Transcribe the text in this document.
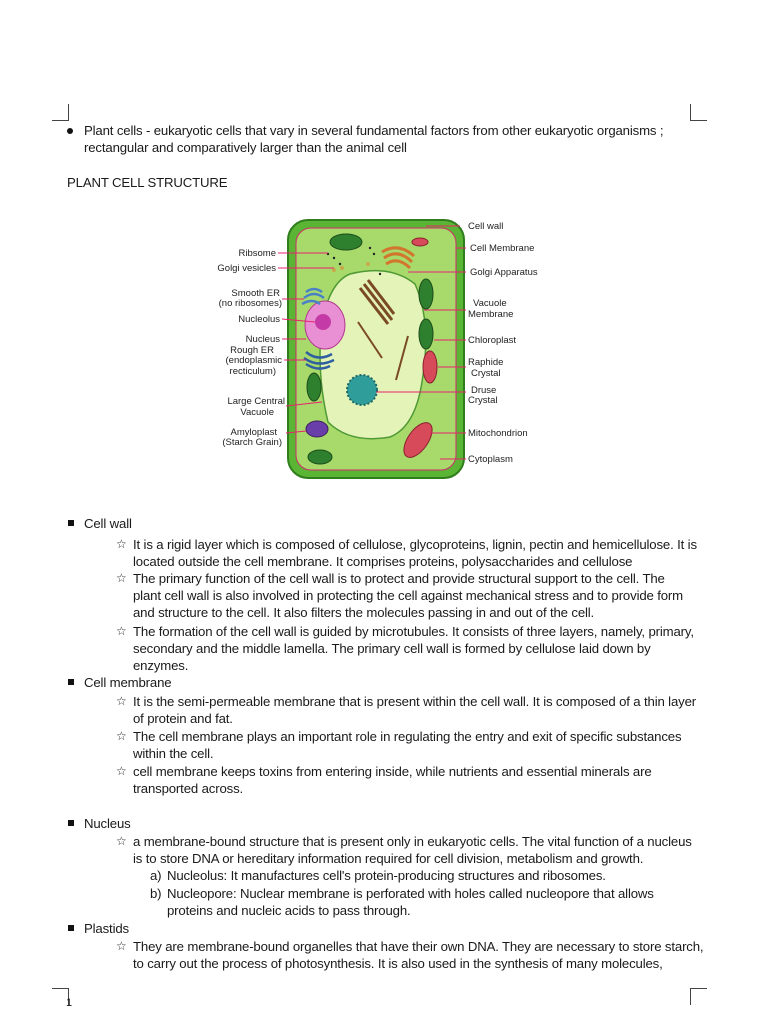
1
Plant cells - eukaryotic cells that vary in several fundamental factors from other eukaryotic organisms ;
rectangular and comparatively larger than the animal cell
PLANT CELL STRUCTURE
Ribsome
Golgi vesicles
Smooth ER
(no ribosomes)
Nucleolus
Nucleus
Rough ER
(endoplasmic
recticulum)
Large Central
Vacuole
Amyloplast
(Starch Grain)
Cell wall
Cell Membrane
Golgi Apparatus
Vacuole
Membrane
Chloroplast
Raphide
Crystal
Druse
Crystal
Mitochondrion
Cytoplasm
Cell wall
☆ It is a rigid layer which is composed of cellulose, glycoproteins, lignin, pectin and hemicellulose. It is
located outside the cell membrane. It comprises proteins, polysaccharides and cellulose
☆ The primary function of the cell wall is to protect and provide structural support to the cell. The
plant cell wall is also involved in protecting the cell against mechanical stress and to provide form
and structure to the cell. It also filters the molecules passing in and out of the cell.
☆ The formation of the cell wall is guided by microtubules. It consists of three layers, namely, primary,
secondary and the middle lamella. The primary cell wall is formed by cellulose laid down by
enzymes.
Cell membrane
☆ It is the semi-permeable membrane that is present within the cell wall. It is composed of a thin layer
of protein and fat.
☆ The cell membrane plays an important role in regulating the entry and exit of specific substances
within the cell.
☆ cell membrane keeps toxins from entering inside, while nutrients and essential minerals are
transported across.
Nucleus
☆ a membrane-bound structure that is present only in eukaryotic cells. The vital function of a nucleus
is to store DNA or hereditary information required for cell division, metabolism and growth.
a) Nucleolus: It manufactures cell's protein-producing structures and ribosomes.
b) Nucleopore: Nuclear membrane is perforated with holes called nucleopore that allows
proteins and nucleic acids to pass through.
Plastids
☆ They are membrane-bound organelles that have their own DNA. They are necessary to store starch,
to carry out the process of photosynthesis. It is also used in the synthesis of many molecules,
